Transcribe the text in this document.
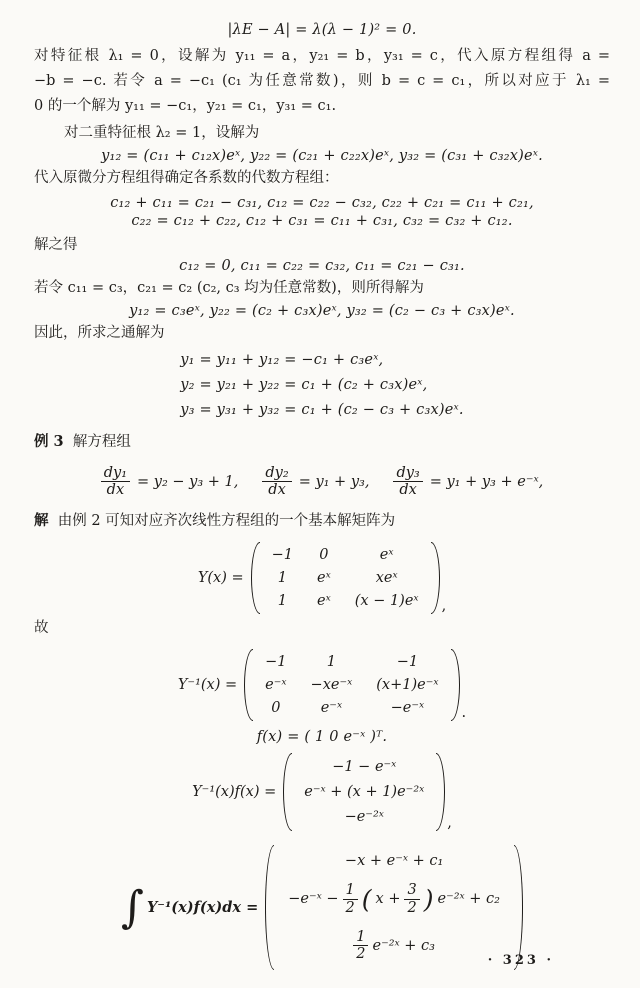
|λE − A| = λ(λ − 1)² = 0.
对特征根 λ₁ = 0，设解为 y₁₁ = a，y₂₁ = b，y₃₁ = c，代入原方程组得 a =
−b = −c. 若令 a = −c₁ (c₁ 为任意常数)，则 b = c = c₁，所以对应于 λ₁ =
0 的一个解为 y₁₁ = −c₁，y₂₁ = c₁，y₃₁ = c₁.
对二重特征根 λ₂ = 1，设解为
y₁₂ = (c₁₁ + c₁₂x)eˣ, y₂₂ = (c₂₁ + c₂₂x)eˣ, y₃₂ = (c₃₁ + c₃₂x)eˣ.
代入原微分方程组得确定各系数的代数方程组：
c₁₂ + c₁₁ = c₂₁ − c₃₁, c₁₂ = c₂₂ − c₃₂, c₂₂ + c₂₁ = c₁₁ + c₂₁,
c₂₂ = c₁₂ + c₂₂, c₁₂ + c₃₁ = c₁₁ + c₃₁, c₃₂ = c₃₂ + c₁₂.
解之得
c₁₂ = 0, c₁₁ = c₂₂ = c₃₂, c₁₁ = c₂₁ − c₃₁.
若令 c₁₁ = c₃，c₂₁ = c₂ (c₂, c₃ 均为任意常数)，则所得解为
y₁₂ = c₃eˣ, y₂₂ = (c₂ + c₃x)eˣ, y₃₂ = (c₂ − c₃ + c₃x)eˣ.
因此，所求之通解为
y₁ = y₁₁ + y₁₂ = −c₁ + c₃eˣ,
y₂ = y₂₁ + y₂₂ = c₁ + (c₂ + c₃x)eˣ,
y₃ = y₃₁ + y₃₂ = c₁ + (c₂ − c₃ + c₃x)eˣ.
例 3 解方程组
$\frac{\text{dy₁}}{dx} = y_2 - y_3 + 1$, $\frac{\text{dy₂}}{dx} = y_1 + y_3$, $\frac{\text{dy₃}}{dx} = y_1 + y_3$ + e⁻ˣ,
解 由例 2 可知对应齐次线性方程组的一个基本解矩阵为
Y(x) =
−1 0	eˣ
1 eˣ	xeˣ
1 eˣ (x − 1)eˣ ,
故
Y⁻¹(x) =
−1	1	−1
e⁻ˣ −xe⁻ˣ (x+1)e⁻ˣ
0	e⁻ˣ	−e⁻ˣ	.
f(x) = ( 1 0 e⁻ˣ )ᵀ.
Y⁻¹(x)f(x) =
−1 − e⁻ˣ
e⁻ˣ + (x + 1)e⁻²ˣ
−e⁻²ˣ	,
∫ Y⁻¹(x)f(x)dx =
−x + e⁻ˣ + c₁
−e⁻ˣ − $\frac{1}{2}$ ( $x + \frac{3}{2}$ ) e⁻²ˣ + c₂
$\frac{1}{2}$ e⁻²ˣ + c₃
· 323 ·
